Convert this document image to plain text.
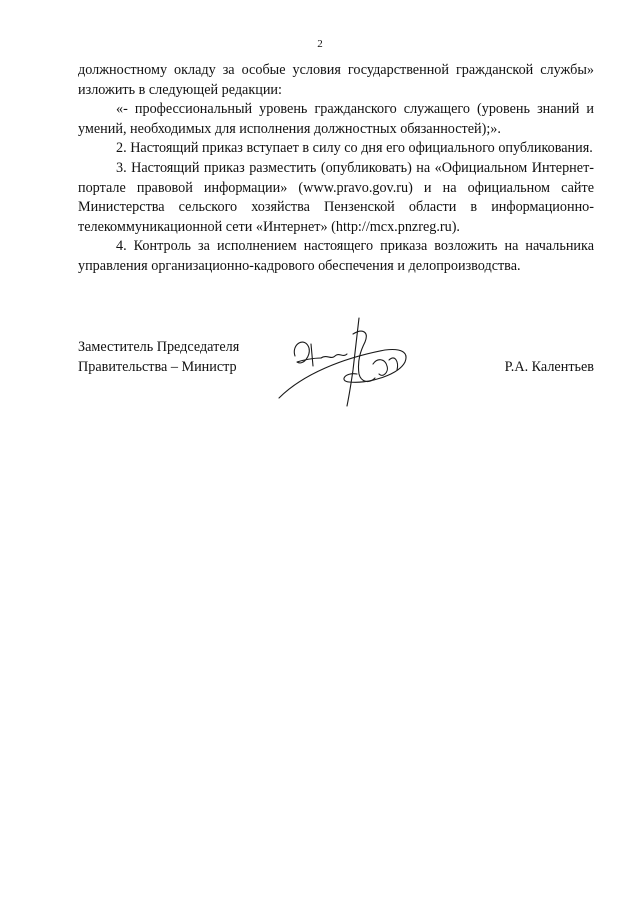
2

должностному окладу за особые условия государственной гражданской службы» изложить в следующей редакции:

«- профессиональный уровень гражданского служащего (уровень знаний и умений, необходимых для исполнения должностных обязанностей);».

2. Настоящий приказ вступает в силу со дня его официального опубликования.

3. Настоящий приказ разместить (опубликовать) на «Официальном Интернет-портале правовой информации» (www.pravo.gov.ru) и на официальном сайте Министерства сельского хозяйства Пензенской области в информационно-телекоммуникационной сети «Интернет» (http://mcx.pnzreg.ru).

4. Контроль за исполнением настоящего приказа возложить на начальника управления организационно-кадрового обеспечения и делопроизводства.

Заместитель Председателя
Правительства – Министр	Р.А. Калентьев
